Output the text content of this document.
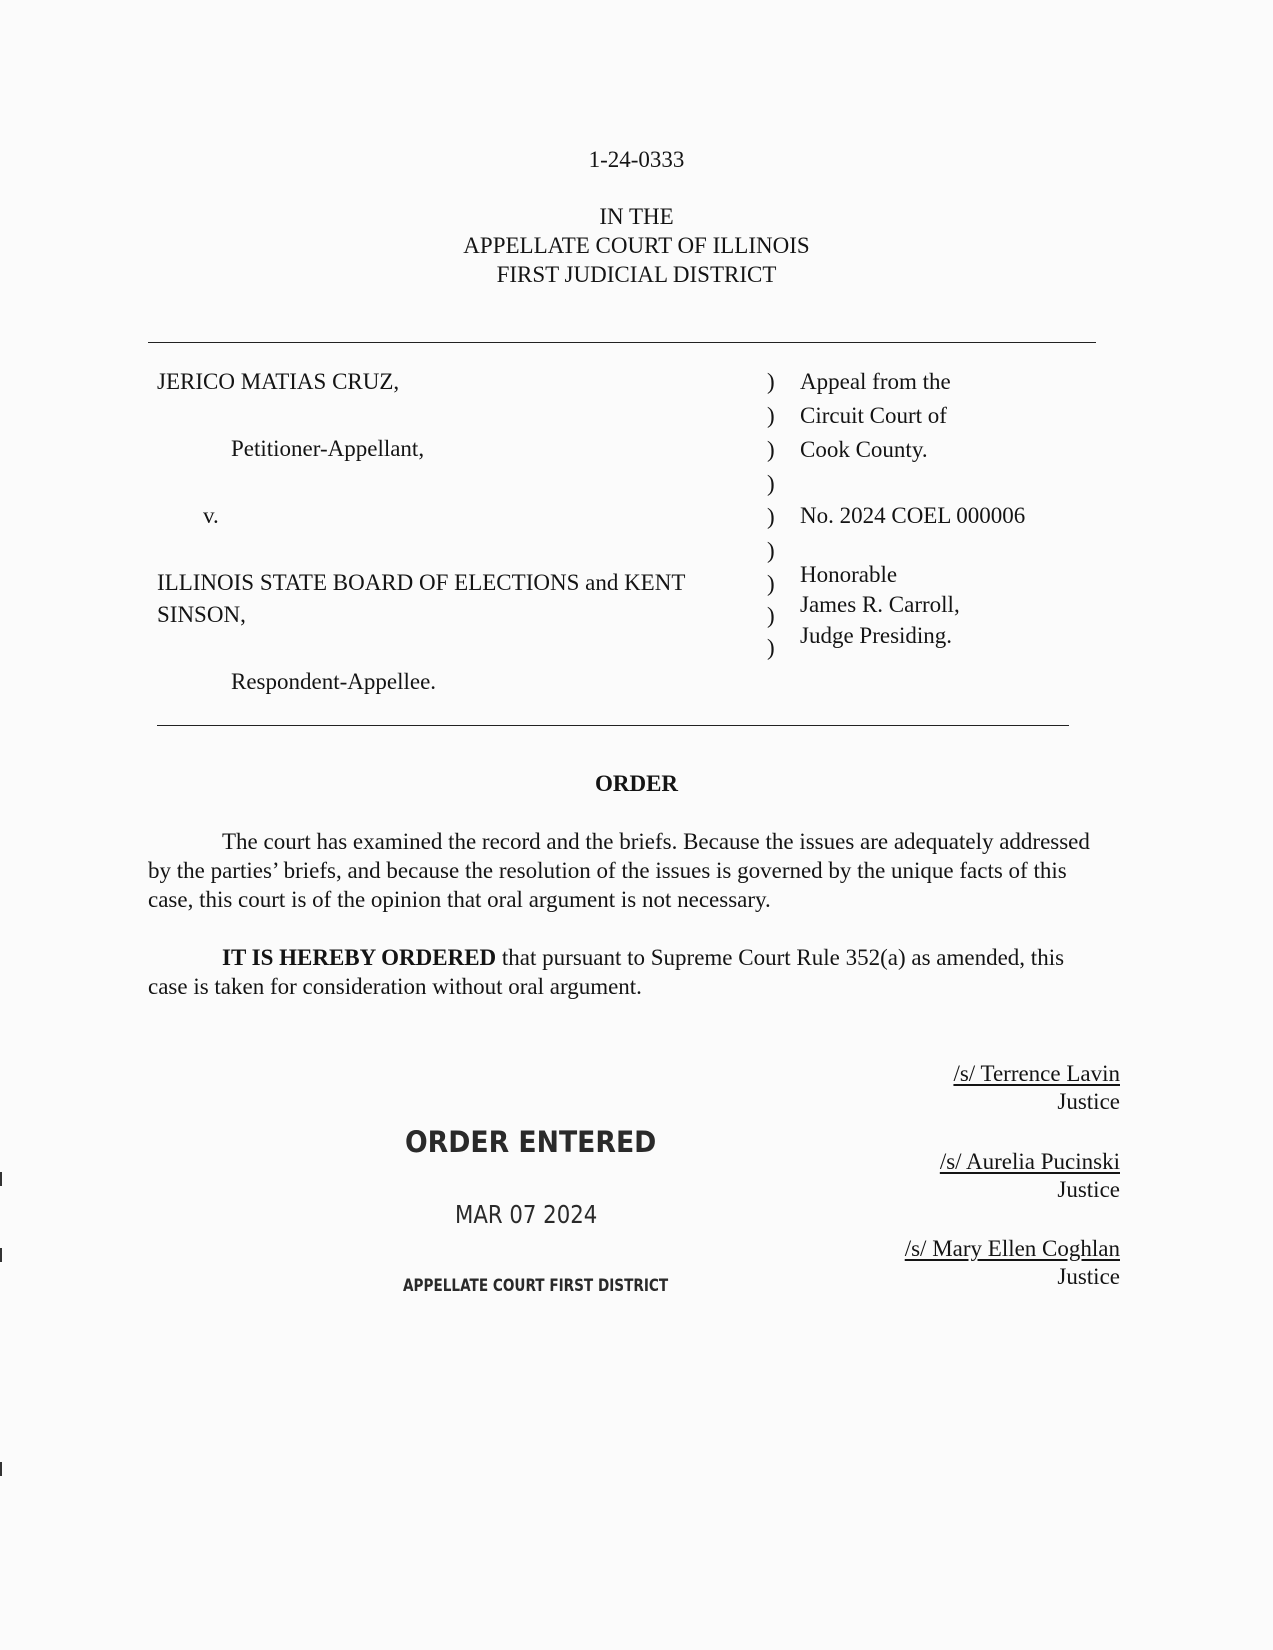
1-24-0333
IN THE
APPELLATE COURT OF ILLINOIS
FIRST JUDICIAL DISTRICT
JERICO MATIAS CRUZ,
Petitioner-Appellant,
v.
ILLINOIS STATE BOARD OF ELECTIONS and KENT
SINSON,
Respondent-Appellee.
)
)
)
)
)
)
)
)
)
Appeal from the
Circuit Court of
Cook County.
No. 2024 COEL 000006
Honorable
James R. Carroll,
Judge Presiding.
ORDER

The court has examined the record and the briefs. Because the issues are adequately addressed by the parties’ briefs, and because the resolution of the issues is governed by the unique facts of this case, this court is of the opinion that oral argument is not necessary.

IT IS HEREBY ORDERED that pursuant to Supreme Court Rule 352(a) as amended, this case is taken for consideration without oral argument.

/s/ Terrence Lavin
Justice
/s/ Aurelia Pucinski
Justice
/s/ Mary Ellen Coghlan
Justice
ORDER ENTERED
MAR 07 2024
APPELLATE COURT FIRST DISTRICT
